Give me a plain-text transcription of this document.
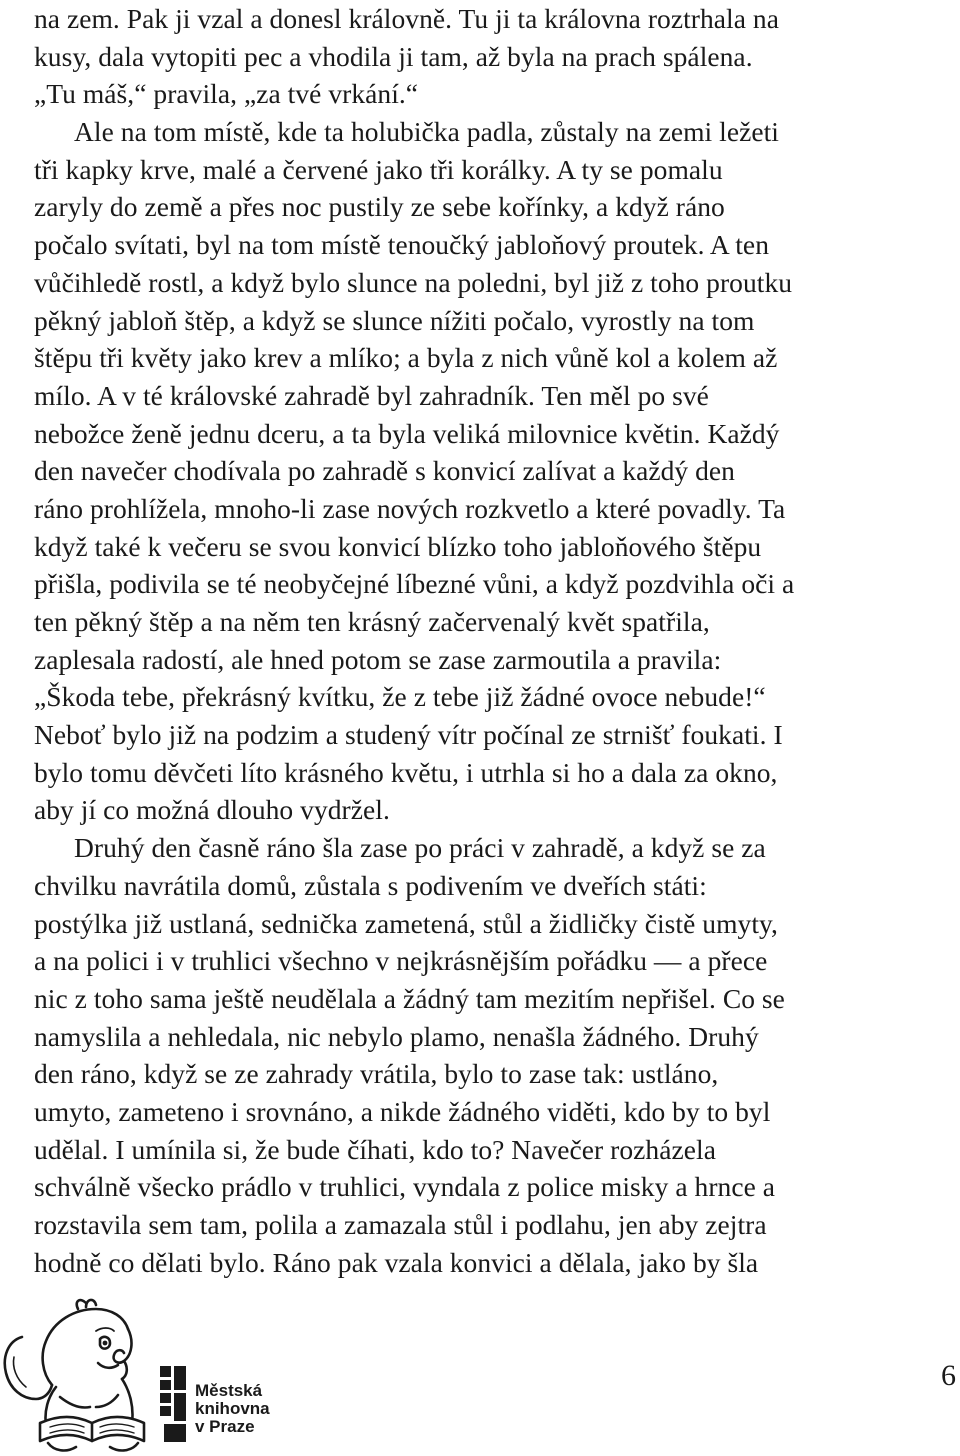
na zem. Pak ji vzal a donesl královně. Tu ji ta královna roztrhala na
kusy, dala vytopiti pec a vhodila ji tam, až byla na prach spálena.
„Tu máš,“ pravila, „za tvé vrkání.“
Ale na tom místě, kde ta holubička padla, zůstaly na zemi ležeti
tři kapky krve, malé a červené jako tři korálky. A ty se pomalu
zaryly do země a přes noc pustily ze sebe kořínky, a když ráno
počalo svítati, byl na tom místě tenoučký jabloňový proutek. A ten
vůčihledě rostl, a když bylo slunce na poledni, byl již z toho proutku
pěkný jabloň štěp, a když se slunce nížiti počalo, vyrostly na tom
štěpu tři květy jako krev a mlíko; a byla z nich vůně kol a kolem až
mílo. A v té královské zahradě byl zahradník. Ten měl po své
nebožce ženě jednu dceru, a ta byla veliká milovnice květin. Každý
den navečer chodívala po zahradě s konvicí zalívat a každý den
ráno prohlížela, mnoho-li zase nových rozkvetlo a které povadly. Ta
když také k večeru se svou konvicí blízko toho jabloňového štěpu
přišla, podivila se té neobyčejné líbezné vůni, a když pozdvihla oči a
ten pěkný štěp a na něm ten krásný začervenalý květ spatřila,
zaplesala radostí, ale hned potom se zase zarmoutila a pravila:
„Škoda tebe, překrásný kvítku, že z tebe již žádné ovoce nebude!“
Neboť bylo již na podzim a studený vítr počínal ze strnišť foukati. I
bylo tomu děvčeti líto krásného květu, i utrhla si ho a dala za okno,
aby jí co možná dlouho vydržel.
Druhý den časně ráno šla zase po práci v zahradě, a když se za
chvilku navrátila domů, zůstala s podivením ve dveřích státi:
postýlka již ustlaná, sednička zametená, stůl a židličky čistě umyty,
a na polici i v truhlici všechno v nejkrásnějším pořádku — a přece
nic z toho sama ještě neudělala a žádný tam mezitím nepřišel. Co se
namyslila a nehledala, nic nebylo plamo, nenašla žádného. Druhý
den ráno, když se ze zahrady vrátila, bylo to zase tak: ustláno,
umyto, zameteno i srovnáno, a nikde žádného viděti, kdo by to byl
udělal. I umínila si, že bude číhati, kdo to? Navečer rozházela
schválně všecko prádlo v truhlici, vyndala z police misky a hrnce a
rozstavila sem tam, polila a zamazala stůl i podlahu, jen aby zejtra
hodně co dělati bylo. Ráno pak vzala konvici a dělala, jako by šla
Městská
knihovna
v Praze
6
